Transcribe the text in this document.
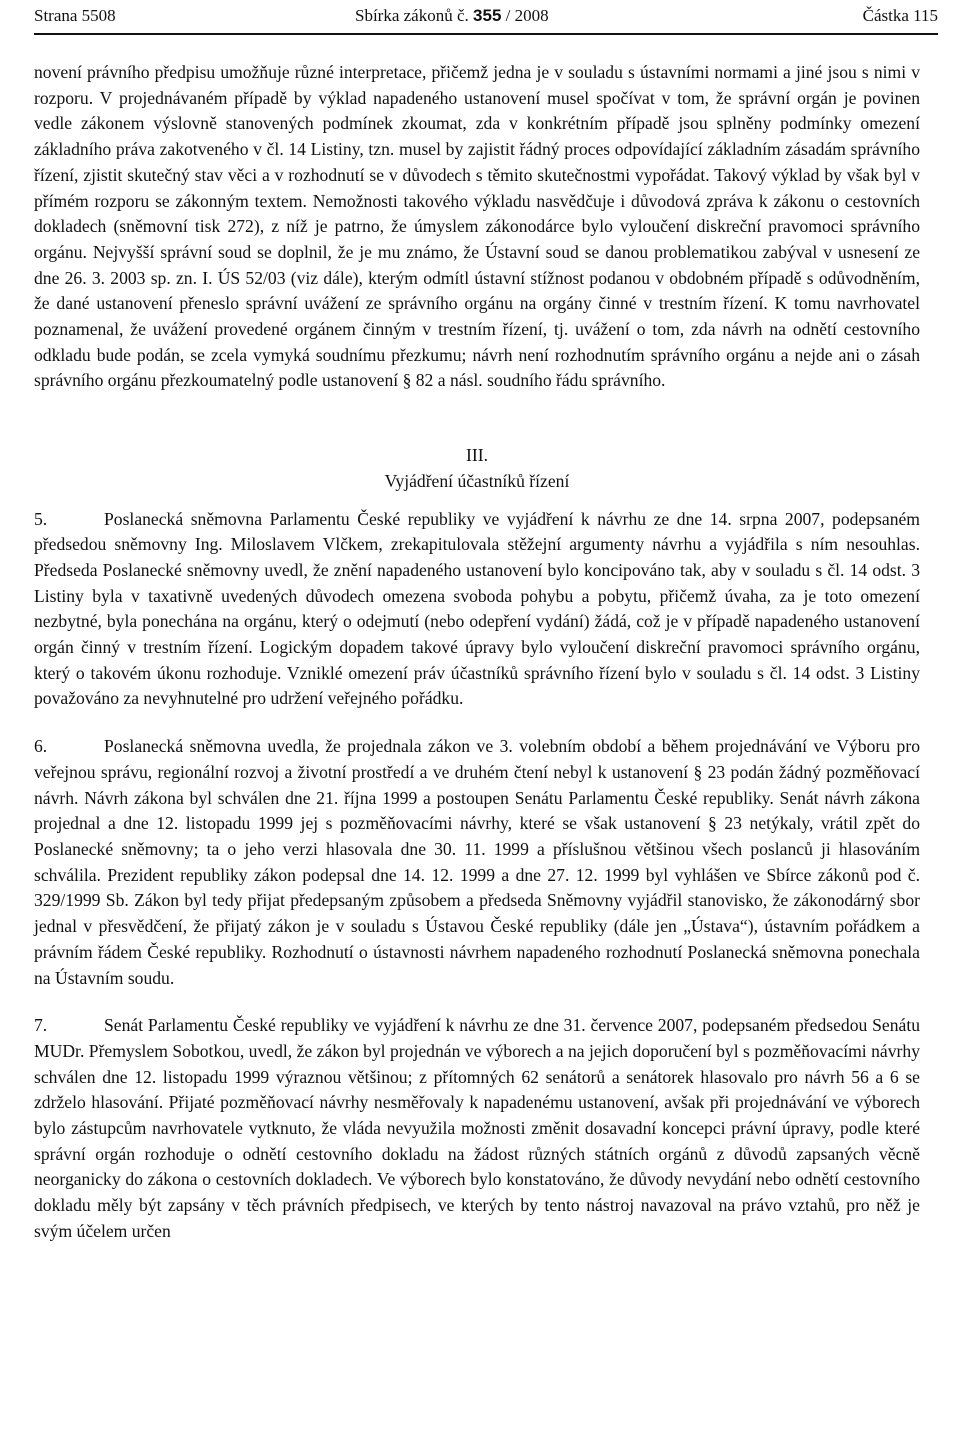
Strana 5508	Sbírka zákonů č. 355 / 2008	Částka 115

novení právního předpisu umožňuje různé interpretace, přičemž jedna je v souladu s ústavními normami a jiné jsou s nimi v rozporu. V projednávaném případě by výklad napadeného ustanovení musel spočívat v tom, že správní orgán je povinen vedle zákonem výslovně stanovených podmínek zkoumat, zda v konkrétním případě jsou splněny podmínky omezení základního práva zakotveného v čl. 14 Listiny, tzn. musel by zajistit řádný proces odpovídající základním zásadám správního řízení, zjistit skutečný stav věci a v rozhodnutí se v důvodech s těmito skutečnostmi vypořádat. Takový výklad by však byl v přímém rozporu se zákonným textem. Nemožnosti takového výkladu nasvědčuje i důvodová zpráva k zákonu o cestovních dokladech (sněmovní tisk 272), z níž je patrno, že úmyslem zákonodárce bylo vyloučení diskreční pravomoci správního orgánu. Nejvyšší správní soud se doplnil, že je mu známo, že Ústavní soud se danou problematikou zabýval v usnesení ze dne 26. 3. 2003 sp. zn. I. ÚS 52/03 (viz dále), kterým odmítl ústavní stížnost podanou v obdobném případě s odůvodněním, že dané ustanovení přeneslo správní uvážení ze správního orgánu na orgány činné v trestním řízení. K tomu navrhovatel poznamenal, že uvážení provedené orgánem činným v trestním řízení, tj. uvážení o tom, zda návrh na odnětí cestovního odkladu bude podán, se zcela vymyká soudnímu přezkumu; návrh není rozhodnutím správního orgánu a nejde ani o zásah správního orgánu přezkoumatelný podle ustanovení § 82 a násl. soudního řádu správního.

III.
Vyjádření účastníků řízení

5.	Poslanecká sněmovna Parlamentu České republiky ve vyjádření k návrhu ze dne 14. srpna 2007, podepsaném předsedou sněmovny Ing. Miloslavem Vlčkem, zrekapitulovala stěžejní argumenty návrhu a vyjádřila s ním nesouhlas. Předseda Poslanecké sněmovny uvedl, že znění napadeného ustanovení bylo koncipováno tak, aby v souladu s čl. 14 odst. 3 Listiny byla v taxativně uvedených důvodech omezena svoboda pohybu a pobytu, přičemž úvaha, za je toto omezení nezbytné, byla ponechána na orgánu, který o odejmutí (nebo odepření vydání) žádá, což je v případě napadeného ustanovení orgán činný v trestním řízení. Logickým dopadem takové úpravy bylo vyloučení diskreční pravomoci správního orgánu, který o takovém úkonu rozhoduje. Vzniklé omezení práv účastníků správního řízení bylo v souladu s čl. 14 odst. 3 Listiny považováno za nevyhnutelné pro udržení veřejného pořádku.

6.	Poslanecká sněmovna uvedla, že projednala zákon ve 3. volebním období a během projednávání ve Výboru pro veřejnou správu, regionální rozvoj a životní prostředí a ve druhém čtení nebyl k ustanovení § 23 podán žádný pozměňovací návrh. Návrh zákona byl schválen dne 21. října 1999 a postoupen Senátu Parlamentu České republiky. Senát návrh zákona projednal a dne 12. listopadu 1999 jej s pozměňovacími návrhy, které se však ustanovení § 23 netýkaly, vrátil zpět do Poslanecké sněmovny; ta o jeho verzi hlasovala dne 30. 11. 1999 a příslušnou většinou všech poslanců ji hlasováním schválila. Prezident republiky zákon podepsal dne 14. 12. 1999 a dne 27. 12. 1999 byl vyhlášen ve Sbírce zákonů pod č. 329/1999 Sb. Zákon byl tedy přijat předepsaným způsobem a předseda Sněmovny vyjádřil stanovisko, že zákonodárný sbor jednal v přesvědčení, že přijatý zákon je v souladu s Ústavou České republiky (dále jen „Ústava“), ústavním pořádkem a právním řádem České republiky. Rozhodnutí o ústavnosti návrhem napadeného rozhodnutí Poslanecká sněmovna ponechala na Ústavním soudu.

7.	Senát Parlamentu České republiky ve vyjádření k návrhu ze dne 31. července 2007, podepsaném předsedou Senátu MUDr. Přemyslem Sobotkou, uvedl, že zákon byl projednán ve výborech a na jejich doporučení byl s pozměňovacími návrhy schválen dne 12. listopadu 1999 výraznou většinou; z přítomných 62 senátorů a senátorek hlasovalo pro návrh 56 a 6 se zdrželo hlasování. Přijaté pozměňovací návrhy nesměřovaly k napadenému ustanovení, avšak při projednávání ve výborech bylo zástupcům navrhovatele vytknuto, že vláda nevyužila možnosti změnit dosavadní koncepci právní úpravy, podle které správní orgán rozhoduje o odnětí cestovního dokladu na žádost různých státních orgánů z důvodů zapsaných věcně neorganicky do zákona o cestovních dokladech. Ve výborech bylo konstatováno, že důvody nevydání nebo odnětí cestovního dokladu měly být zapsány v těch právních předpisech, ve kterých by tento nástroj navazoval na právo vztahů, pro něž je svým účelem určen
